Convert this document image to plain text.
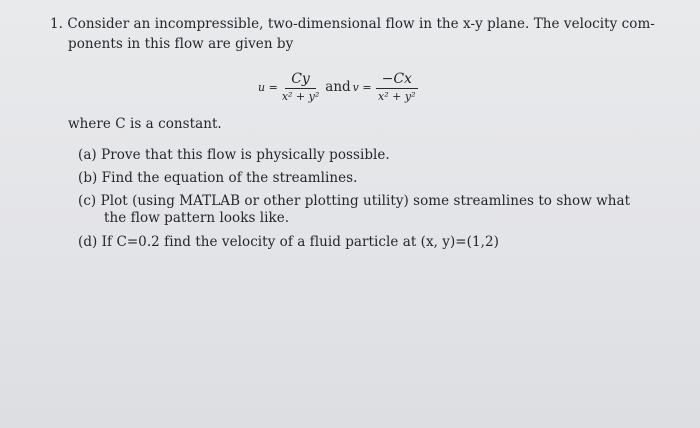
1. Consider an incompressible, two-dimensional flow in the x-y plane. The velocity com-
ponents in this flow are given by
$u = \frac{Cy}{\text{x² + y²}}$ and $v = \frac{-Cx}{\text{x² + y²}}$
where C is a constant.
(a) Prove that this flow is physically possible.
(b) Find the equation of the streamlines.
(c) Plot (using MATLAB or other plotting utility) some streamlines to show what
the flow pattern looks like.
(d) If C=0.2 find the velocity of a fluid particle at (x, y)=(1,2)
